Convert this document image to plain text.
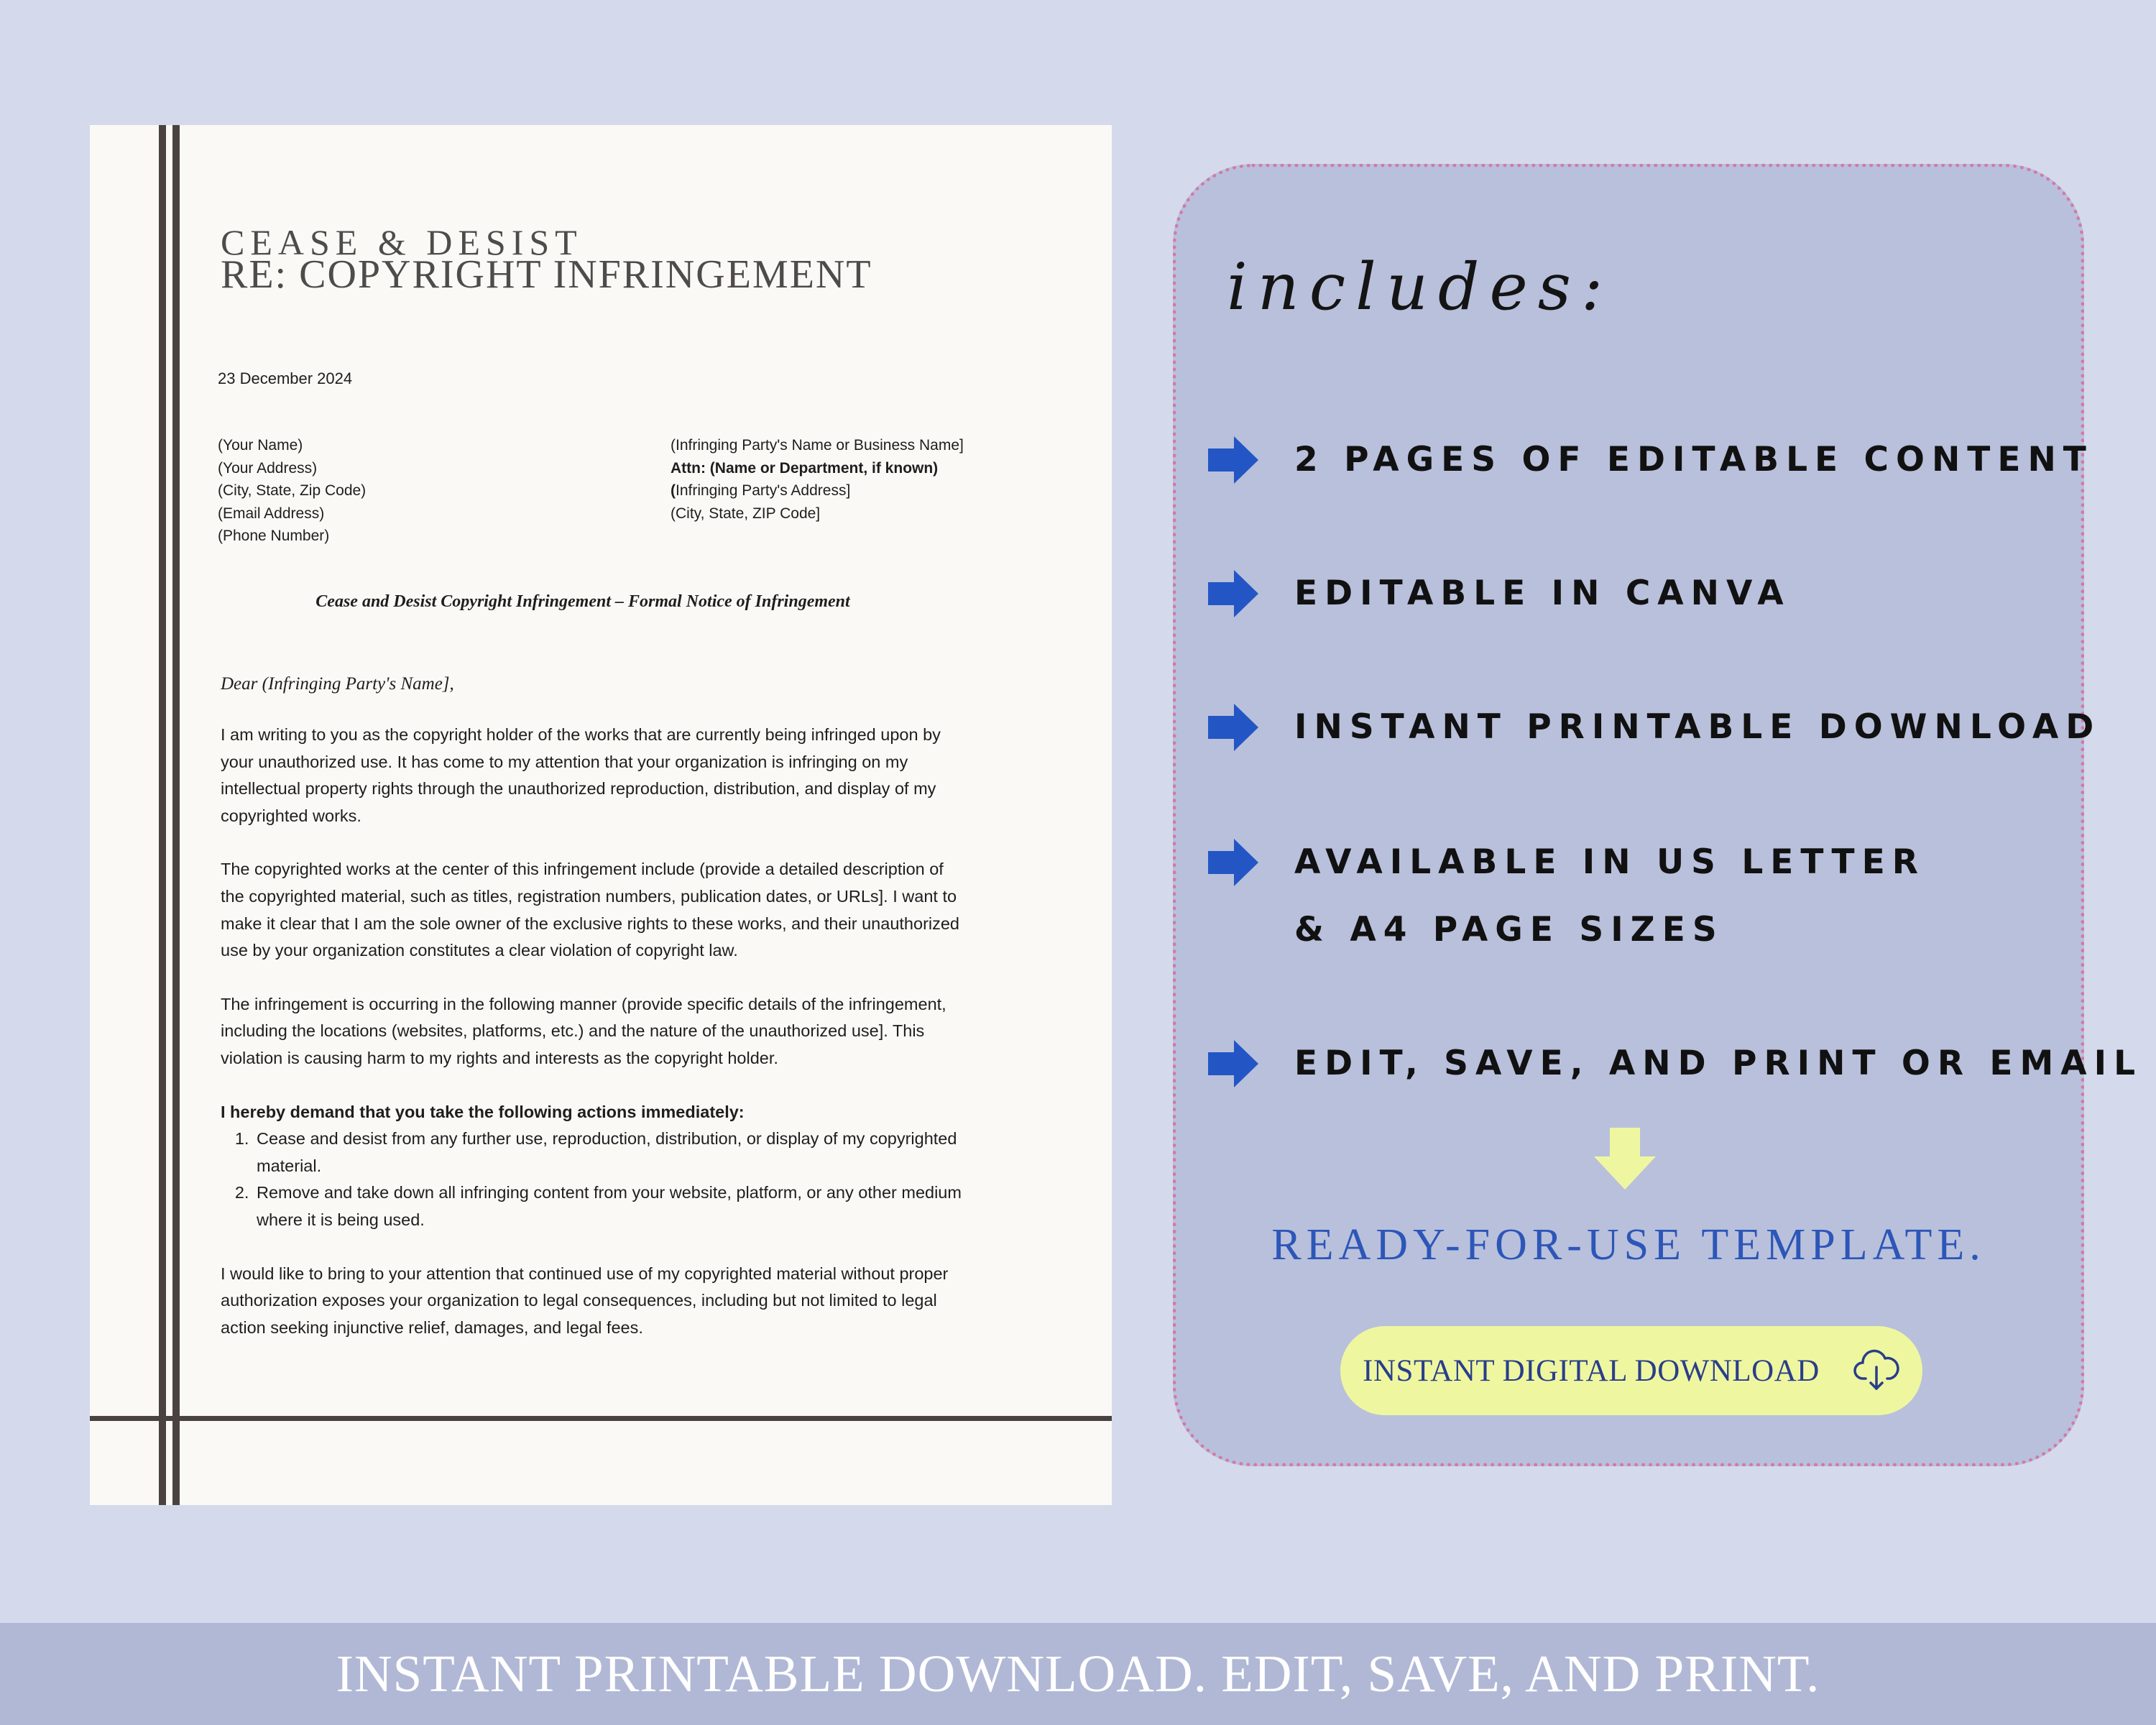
CEASE & DESIST
RE: COPYRIGHT INFRINGEMENT
23 December 2024
(Your Name)
(Your Address)
(City, State, Zip Code)
(Email Address)
(Phone Number)
(Infringing Party's Name or Business Name]
Attn: (Name or Department, if known)
(Infringing Party's Address]
(City, State, ZIP Code]
Cease and Desist Copyright Infringement – Formal Notice of Infringement
Dear (Infringing Party's Name],

I am writing to you as the copyright holder of the works that are currently being infringed upon by your unauthorized use. It has come to my attention that your organization is infringing on my intellectual property rights through the unauthorized reproduction, distribution, and display of my copyrighted works.

The copyrighted works at the center of this infringement include (provide a detailed description of the copyrighted material, such as titles, registration numbers, publication dates, or URLs]. I want to make it clear that I am the sole owner of the exclusive rights to these works, and their unauthorized use by your organization constitutes a clear violation of copyright law.

The infringement is occurring in the following manner (provide specific details of the infringement, including the locations (websites, platforms, etc.) and the nature of the unauthorized use]. This violation is causing harm to my rights and interests as the copyright holder.

I hereby demand that you take the following actions immediately:

1. Cease and desist from any further use, reproduction, distribution, or display of my copyrighted material.
2. Remove and take down all infringing content from your website, platform, or any other medium where it is being used.

I would like to bring to your attention that continued use of my copyrighted material without proper authorization exposes your organization to legal consequences, including but not limited to legal action seeking injunctive relief, damages, and legal fees.

includes:
2 PAGES OF EDITABLE CONTENT
EDITABLE IN CANVA
INSTANT PRINTABLE DOWNLOAD
AVAILABLE IN US LETTER
& A4 PAGE SIZES
EDIT, SAVE, AND PRINT OR EMAIL
READY-FOR-USE TEMPLATE.
INSTANT DIGITAL DOWNLOAD
INSTANT PRINTABLE DOWNLOAD. EDIT, SAVE, AND PRINT.
